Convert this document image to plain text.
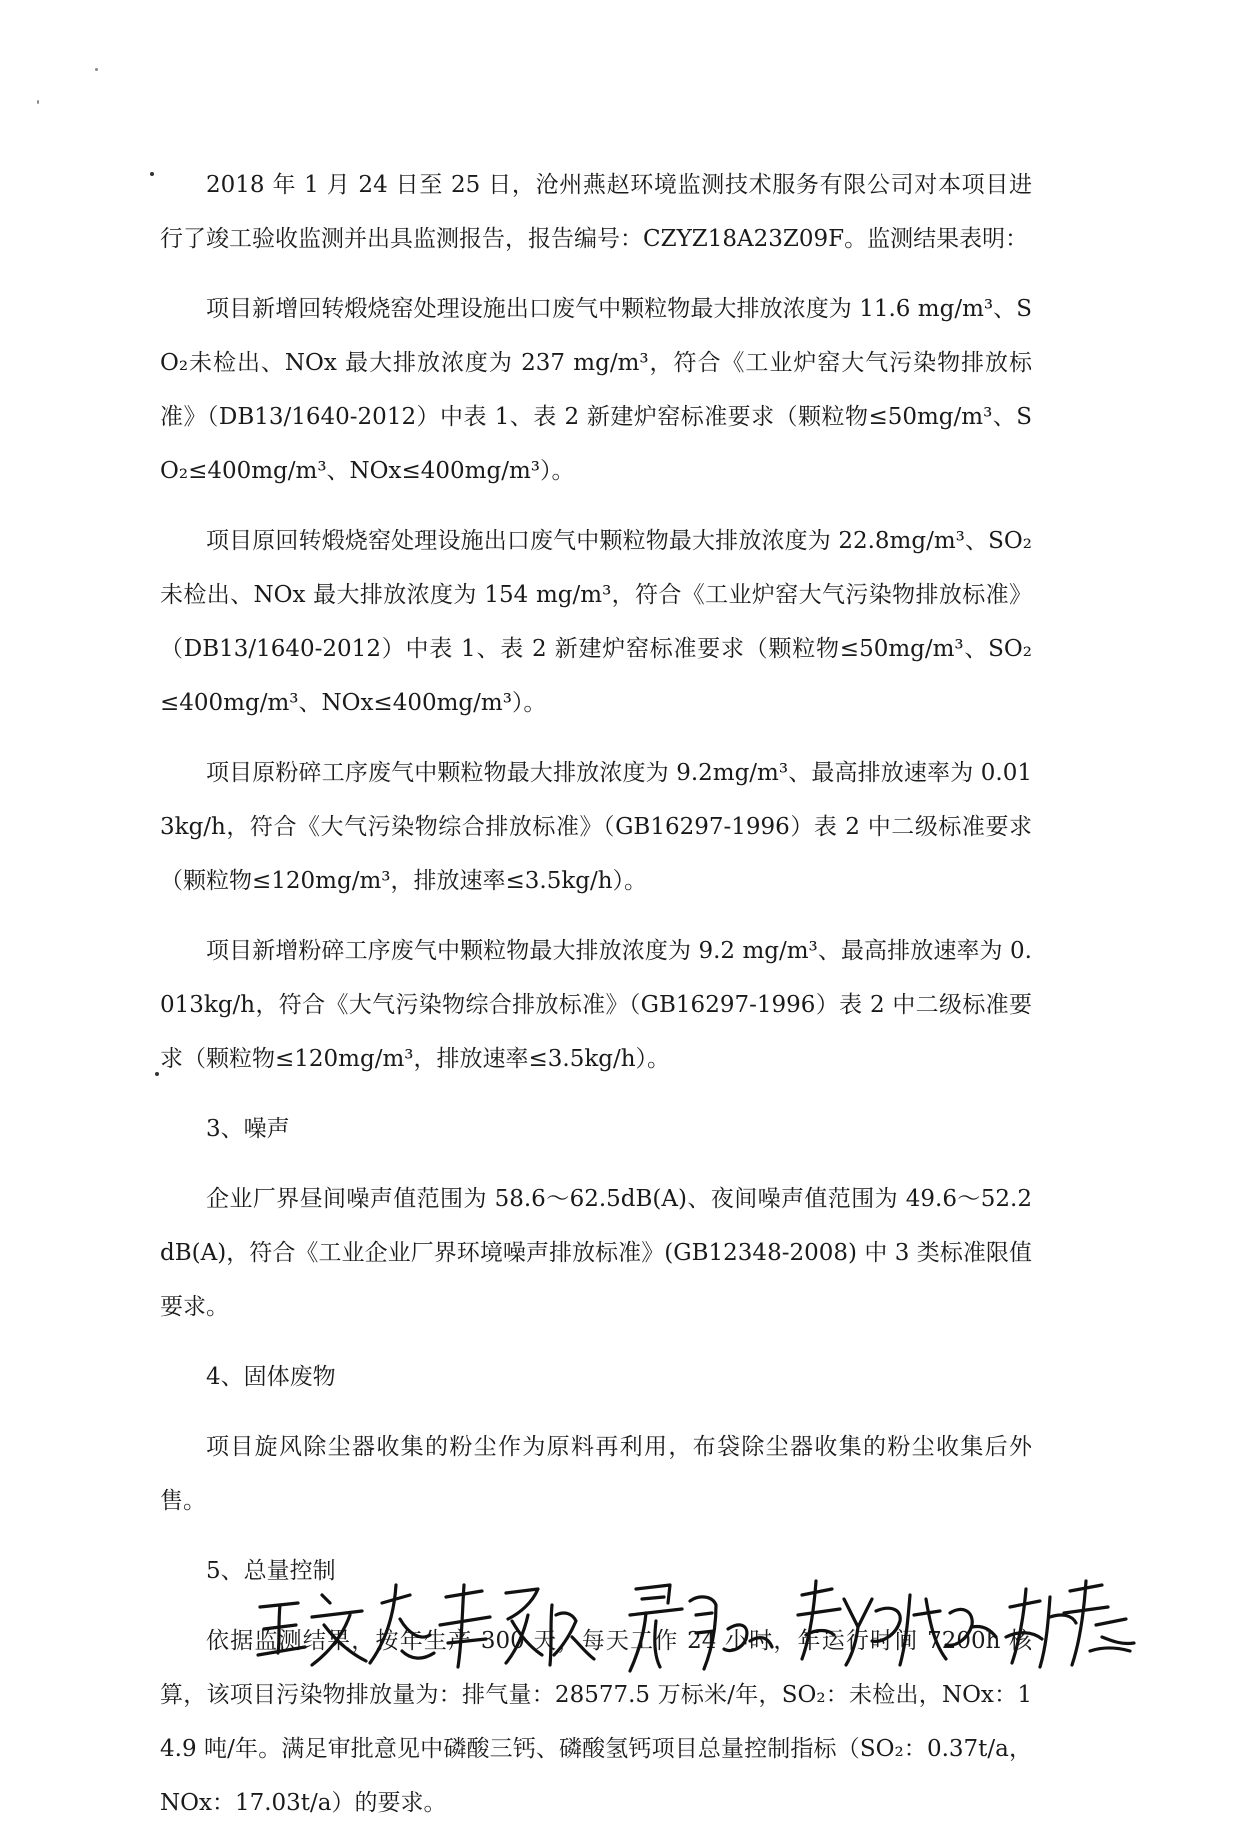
2018 年 1 月 24 日至 25 日，沧州燕赵环境监测技术服务有限公司对本项目进行了竣工验收监测并出具监测报告，报告编号：CZYZ18A23Z09F。监测结果表明：

项目新增回转煅烧窑处理设施出口废气中颗粒物最大排放浓度为 11.6 mg/m³、SO₂未检出、NOx 最大排放浓度为 237 mg/m³，符合《工业炉窑大气污染物排放标准》（DB13/1640-2012）中表 1、表 2 新建炉窑标准要求（颗粒物≤50mg/m³、SO₂≤400mg/m³、NOx≤400mg/m³）。

项目原回转煅烧窑处理设施出口废气中颗粒物最大排放浓度为 22.8mg/m³、SO₂未检出、NOx 最大排放浓度为 154 mg/m³，符合《工业炉窑大气污染物排放标准》（DB13/1640-2012）中表 1、表 2 新建炉窑标准要求（颗粒物≤50mg/m³、SO₂≤400mg/m³、NOx≤400mg/m³）。

项目原粉碎工序废气中颗粒物最大排放浓度为 9.2mg/m³、最高排放速率为 0.013kg/h，符合《大气污染物综合排放标准》（GB16297-1996）表 2 中二级标准要求（颗粒物≤120mg/m³，排放速率≤3.5kg/h）。

项目新增粉碎工序废气中颗粒物最大排放浓度为 9.2 mg/m³、最高排放速率为 0.013kg/h，符合《大气污染物综合排放标准》（GB16297-1996）表 2 中二级标准要求（颗粒物≤120mg/m³，排放速率≤3.5kg/h）。

3、噪声

企业厂界昼间噪声值范围为 58.6～62.5dB(A)、夜间噪声值范围为 49.6～52.2dB(A)，符合《工业企业厂界环境噪声排放标准》(GB12348-2008) 中 3 类标准限值要求。

4、固体废物

项目旋风除尘器收集的粉尘作为原料再利用，布袋除尘器收集的粉尘收集后外售。

5、总量控制

依据监测结果，按年生产 300 天，每天工作 24 小时，年运行时间 7200h 核算，该项目污染物排放量为：排气量：28577.5 万标米/年，SO₂：未检出，NOx：14.9 吨/年。满足审批意见中磷酸三钙、磷酸氢钙项目总量控制指标（SO₂：0.37t/a，NOx：17.03t/a）的要求。
